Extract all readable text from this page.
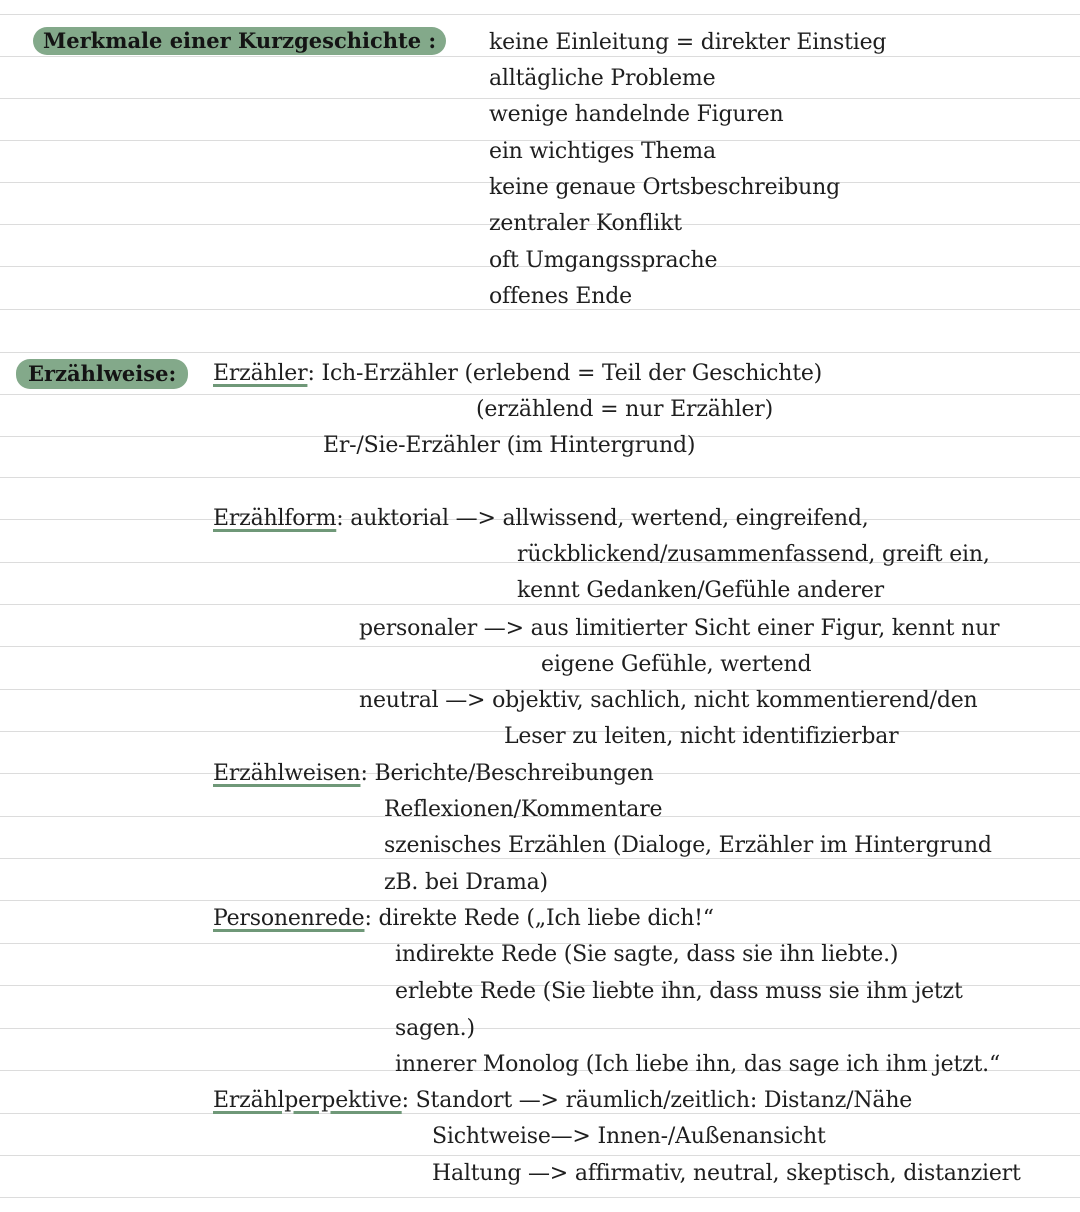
Merkmale einer Kurzgeschichte :	keine Einleitung = direkter Einstieg
alltägliche Probleme
wenige handelnde Figuren
ein wichtiges Thema
keine genaue Ortsbeschreibung
zentraler Konflikt
oft Umgangssprache
offenes Ende
Erzählweise:	Erzähler: Ich-Erzähler (erlebend = Teil der Geschichte)
(erzählend = nur Erzähler)
Er-/Sie-Erzähler (im Hintergrund)
Erzählform: auktorial —> allwissend, wertend, eingreifend,
rückblickend/zusammenfassend, greift ein,
kennt Gedanken/Gefühle anderer
personaler —> aus limitierter Sicht einer Figur, kennt nur
eigene Gefühle, wertend
neutral —> objektiv, sachlich, nicht kommentierend/den
Leser zu leiten, nicht identifizierbar
Erzählweisen: Berichte/Beschreibungen
Reflexionen/Kommentare
szenisches Erzählen (Dialoge, Erzähler im Hintergrund
zB. bei Drama)
Personenrede: direkte Rede („Ich liebe dich!“
indirekte Rede (Sie sagte, dass sie ihn liebte.)
erlebte Rede (Sie liebte ihn, dass muss sie ihm jetzt
sagen.)
innerer Monolog (Ich liebe ihn, das sage ich ihm jetzt.“
Erzählperpektive: Standort —> räumlich/zeitlich: Distanz/Nähe
Sichtweise—> Innen-/Außenansicht
Haltung —> affirmativ, neutral, skeptisch, distanziert
